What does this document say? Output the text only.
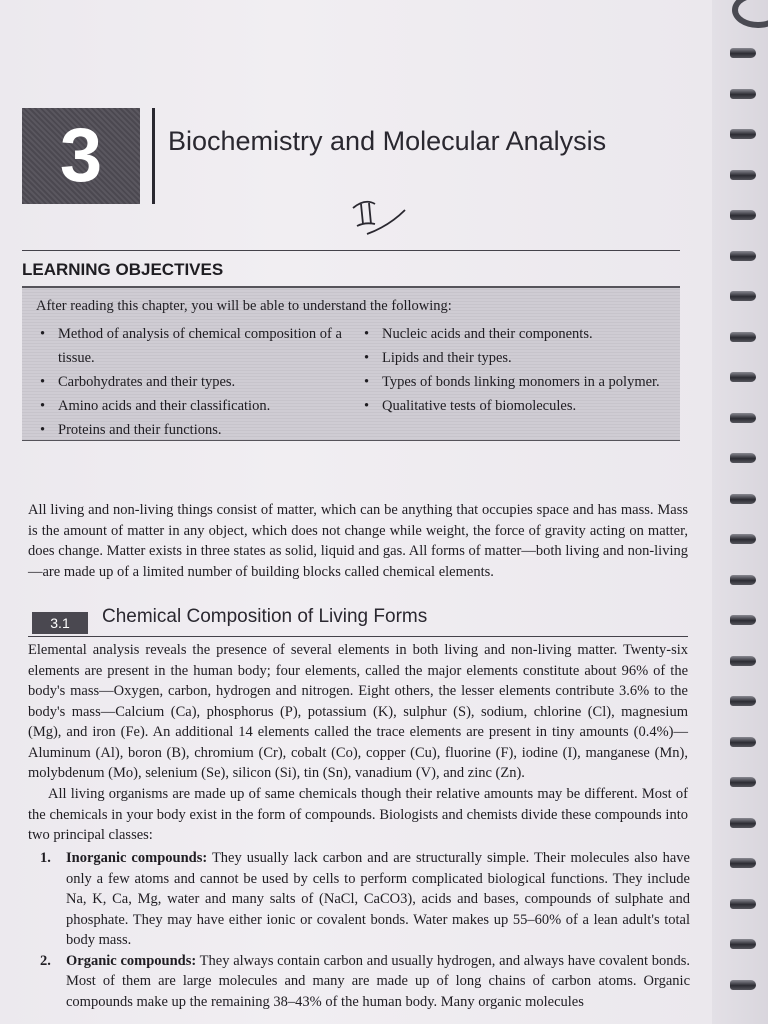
3	Biochemistry and Molecular Analysis
LEARNING OBJECTIVES
After reading this chapter, you will be able to understand the following:
• Method of analysis of chemical composition of a tissue.
• Carbohydrates and their types.
• Amino acids and their classification.
• Proteins and their functions.
• Nucleic acids and their components.
• Lipids and their types.
• Types of bonds linking monomers in a polymer.
• Qualitative tests of biomolecules.

All living and non-living things consist of matter, which can be anything that occupies space and has mass. Mass is the amount of matter in any object, which does not change while weight, the force of gravity acting on matter, does change. Matter exists in three states as solid, liquid and gas. All forms of matter—both living and non-living—are made up of a limited number of building blocks called chemical elements.

3.1	Chemical Composition of Living Forms

Elemental analysis reveals the presence of several elements in both living and non-living matter. Twenty-six elements are present in the human body; four elements, called the major elements constitute about 96% of the body's mass—Oxygen, carbon, hydrogen and nitrogen. Eight others, the lesser elements contribute 3.6% to the body's mass—Calcium (Ca), phosphorus (P), potassium (K), sulphur (S), sodium, chlorine (Cl), magnesium (Mg), and iron (Fe). An additional 14 elements called the trace elements are present in tiny amounts (0.4%)— Aluminum (Al), boron (B), chromium (Cr), cobalt (Co), copper (Cu), fluorine (F), iodine (I), manganese (Mn), molybdenum (Mo), selenium (Se), silicon (Si), tin (Sn), vanadium (V), and zinc (Zn).

All living organisms are made up of same chemicals though their relative amounts may be different. Most of the chemicals in your body exist in the form of compounds. Biologists and chemists divide these compounds into two principal classes:

1. Inorganic compounds: They usually lack carbon and are structurally simple. Their molecules also have only a few atoms and cannot be used by cells to perform complicated biological functions. They include Na, K, Ca, Mg, water and many salts of (NaCl, CaCO3), acids and bases, compounds of sulphate and phosphate. They may have either ionic or covalent bonds. Water makes up 55–60% of a lean adult's total body mass.
2. Organic compounds: They always contain carbon and usually hydrogen, and always have covalent bonds. Most of them are large molecules and many are made up of long chains of carbon atoms. Organic compounds make up the remaining 38–43% of the human body. Many organic molecules
